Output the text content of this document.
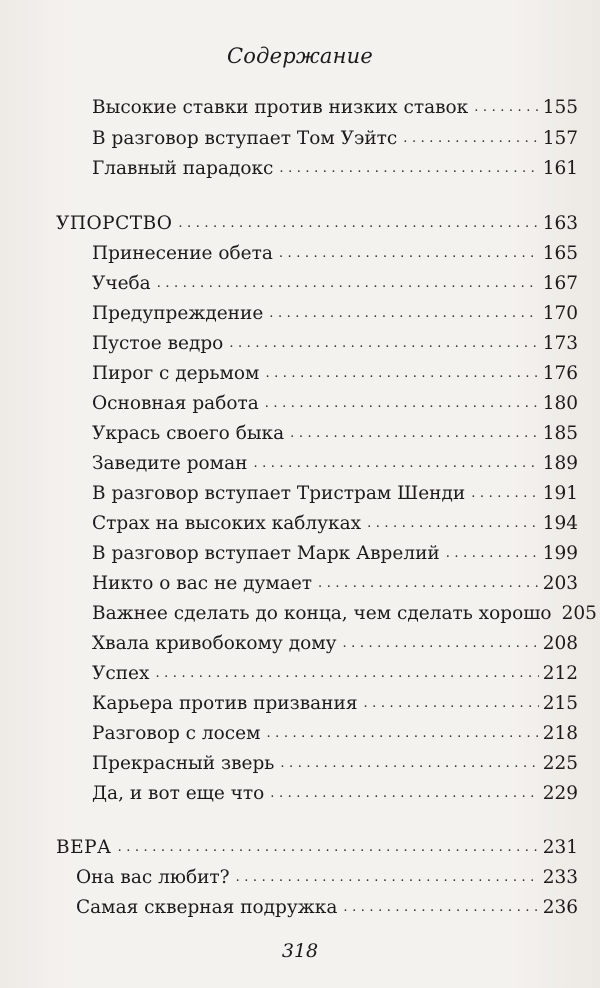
Содержание
Высокие ставки против низких ставок . . .	155
В разговор вступает Том Уэйтс . . .	157
Главный парадокс . . .	161
УПОРСТВО . . .	163
Принесение обета . . .	165
Учеба . . .	167
Предупреждение . . .	170
Пустое ведро . . .	173
Пирог с дерьмом . . .	176
Основная работа . . .	180
Укрась своего быка . . .	185
Заведите роман . . .	189
В разговор вступает Тристрам Шенди . . .	191
Страх на высоких каблуках . . .	194
В разговор вступает Марк Аврелий . . .	199
Никто о вас не думает . . .	203
Важнее сделать до конца, чем сделать хорошо 205
Хвала кривобокому дому . . .	208
Успех . . .	212
Карьера против призвания . . .	215
Разговор с лосем . . .	218
Прекрасный зверь . . .	225
Да, и вот еще что . . .	229
ВЕРА . . .	231
Она вас любит? . . .	233
Самая скверная подружка . . .	236
318
